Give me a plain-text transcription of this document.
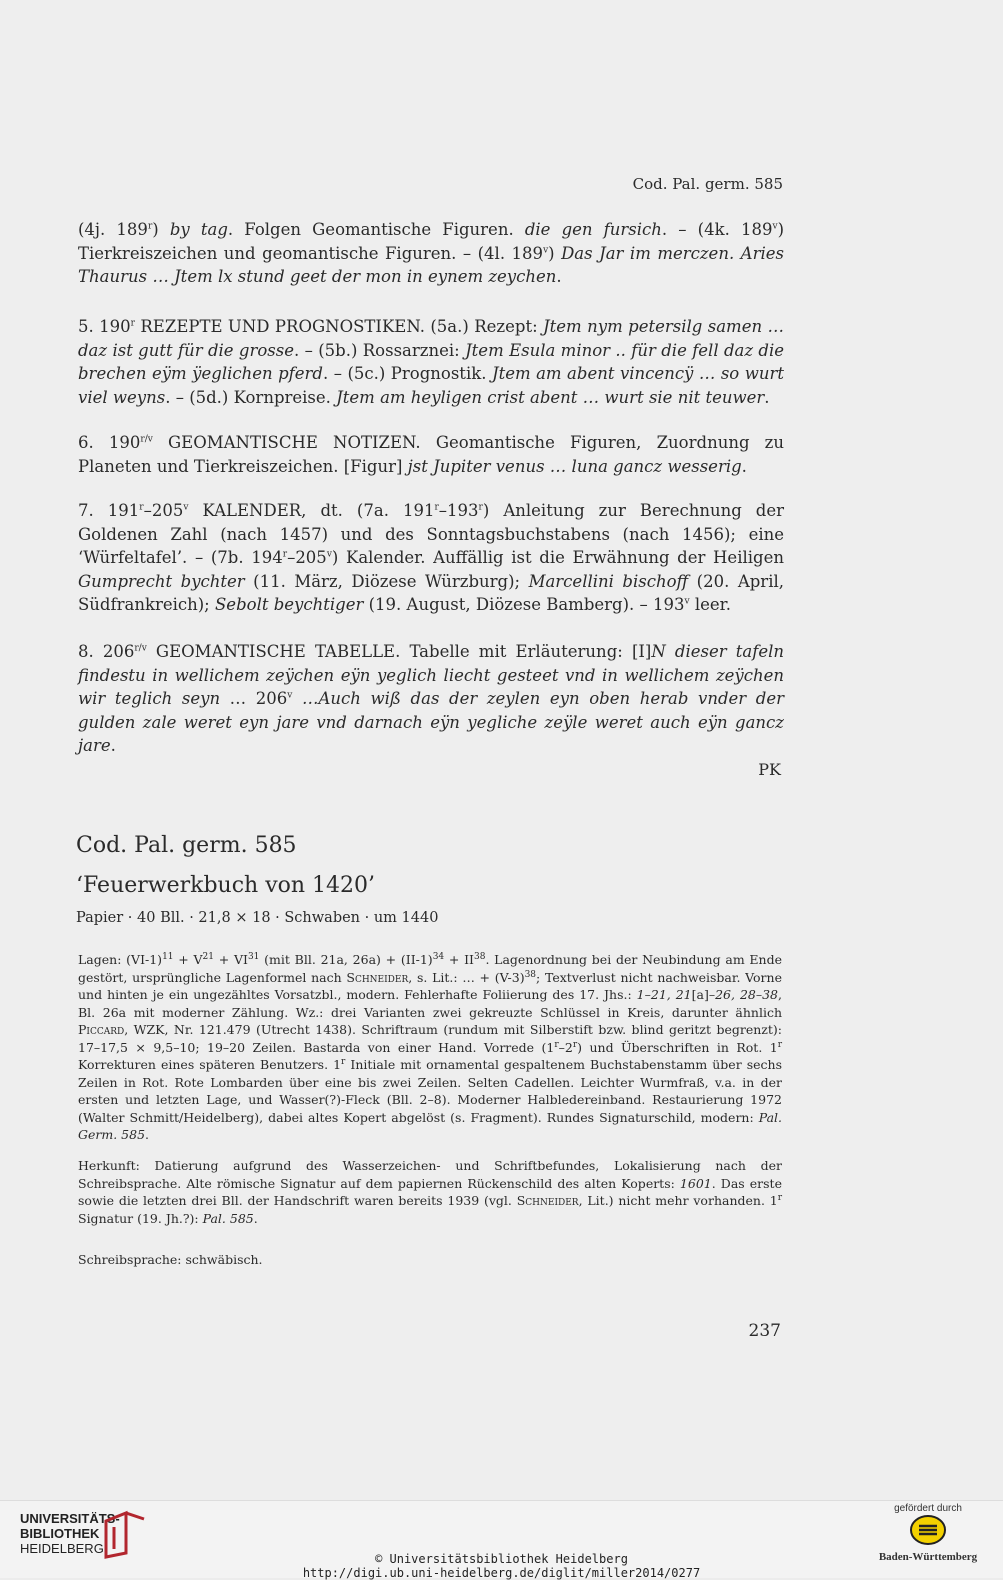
Cod. Pal. germ. 585

(4j. 189$^r$) by tag. Folgen Geomantische Figuren. die gen fursich. – (4k. 189$^v$) Tierkreiszeichen und geomantische Figuren. – (4l. 189$^v$) Das Jar im merczen. Aries Thaurus … Jtem lx stund geet der mon in eynem zeychen.

5. 190$^r$ REZEPTE UND PROGNOSTIKEN. (5a.) Rezept: Jtem nym petersilg samen … daz ist gutt für die grosse. – (5b.) Rossarznei: Jtem Esula minor .. für die fell daz die brechen eÿm ÿeglichen pferd. – (5c.) Prognostik. Jtem am abent vincencÿ … so wurt viel weyns. – (5d.) Kornpreise. Jtem am heyligen crist abent … wurt sie nit teuwer.

6. $190^{r/v}$ GEOMANTISCHE NOTIZEN. Geomantische Figuren, Zuordnung zu Planeten und Tierkreiszeichen. [Figur] jst Jupiter venus … luna gancz wesserig.

7. 191$^r$–205$^v$ KALENDER, dt. (7a. 191$^r$–193$^r$) Anleitung zur Berechnung der Goldenen Zahl (nach 1457) und des Sonntagsbuchstabens (nach 1456); eine ‘Würfeltafel’. – (7b. 194$^r$–205$^v$) Kalender. Auffällig ist die Erwähnung der Heiligen Gumprecht bychter (11. März, Diözese Würzburg); Marcellini bischoff (20. April, Südfrankreich); Sebolt beychtiger (19. August, Diözese Bamberg). – 193$^v$ leer.

8. $206^{r/v}$ GEOMANTISCHE TABELLE. Tabelle mit Erläuterung: [I]N dieser tafeln findestu in wellichem zeÿchen eÿn yeglich liecht gesteet vnd in wellichem zeÿchen wir teglich seyn … 206$^v$ …Auch wiß das der zeylen eyn oben herab vnder der gulden zale weret eyn jare vnd darnach eÿn yegliche zeÿle weret auch eÿn gancz jare.

PK
Cod. Pal. germ. 585
‘Feuerwerkbuch von 1420’
Papier · 40 Bll. · 21,8 × 18 · Schwaben · um 1440

Lagen: $(VI-1)^{11} + V^{21} + VI^{31}$ (mit Bll. 21a, $26a) + (II-1)^{34} + II^{38}$. Lagenordnung bei der Neubindung am Ende gestört, ursprüngliche Lagenformel nach Schneider, s. Lit.: … + $(V-3)^{38}$; Textverlust nicht nachweisbar. Vorne und hinten je ein ungezähltes Vorsatzbl., modern. Fehlerhafte Foliierung des 17. Jhs.: 1–21, 21[a]–26, 28–38, Bl. 26a mit moderner Zählung. Wz.: drei Varianten zwei gekreuzte Schlüssel in Kreis, darunter ähnlich Piccard, WZK, Nr. 121.479 (Utrecht 1438). Schriftraum (rundum mit Silberstift bzw. blind geritzt begrenzt): 17–17,5 × 9,5–10; 19–20 Zeilen. Bastarda von einer Hand. Vorrede (1$^r$–2$^r$) und Überschriften in Rot. 1$^r$ Korrekturen eines späteren Benutzers. 1$^r$ Initiale mit ornamental gespaltenem Buchstabenstamm über sechs Zeilen in Rot. Rote Lombarden über eine bis zwei Zeilen. Selten Cadellen. Leichter Wurmfraß, v.a. in der ersten und letzten Lage, und Wasser(?)-Fleck (Bll. 2–8). Moderner Halbledereinband. Restaurierung 1972 (Walter Schmitt/Heidelberg), dabei altes Kopert abgelöst (s. Fragment). Rundes Signaturschild, modern: Pal. Germ. 585.

Herkunft: Datierung aufgrund des Wasserzeichen- und Schriftbefundes, Lokalisierung nach der Schreibsprache. Alte römische Signatur auf dem papiernen Rückenschild des alten Koperts: 1601. Das erste sowie die letzten drei Bll. der Handschrift waren bereits 1939 (vgl. Schneider, Lit.) nicht mehr vorhanden. 1$^r$ Signatur (19. Jh.?): Pal. 585.

Schreibsprache: schwäbisch.
237
UNIVERSITÄTS-
BIBLIOTHEK
HEIDELBERG
© Universitätsbibliothek Heidelberg
http://digi.ub.uni-heidelberg.de/diglit/miller2014/0277
gefördert durch
Baden-Württemberg
